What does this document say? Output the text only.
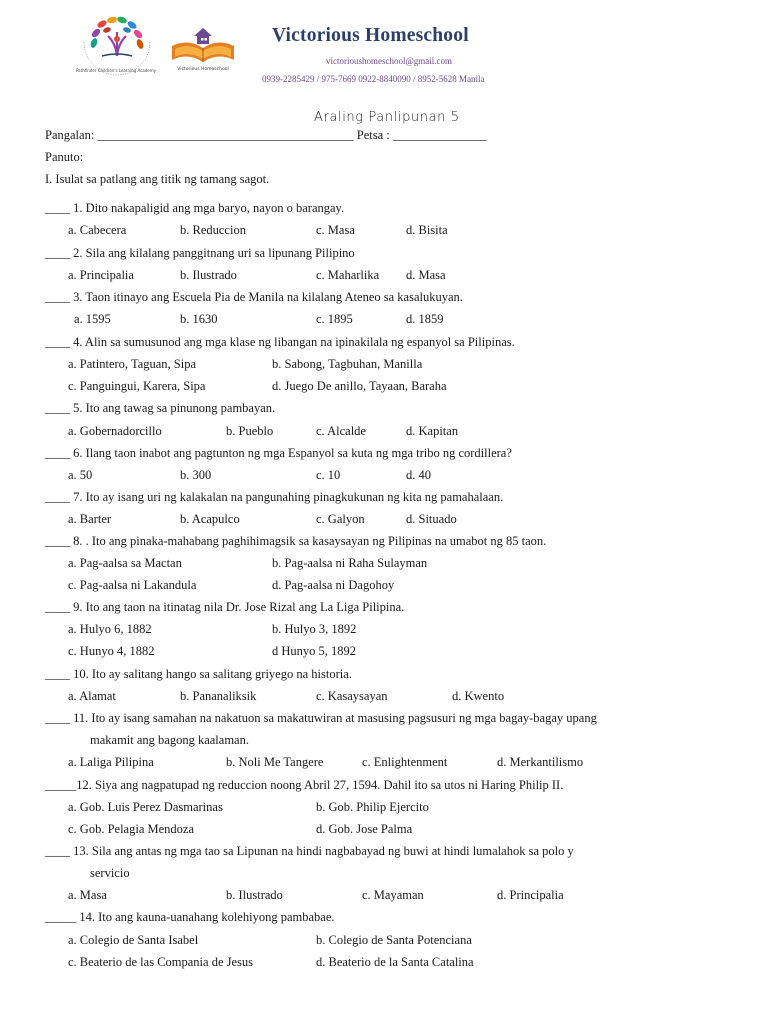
Pathfinder Children's Learning Academy	Victorious Homeschool
Victorious Homeschool
victorioushomeschool@gmail.com
0939-2285429 / 975-7669 0922-8840090 / 8952-5628 Manila
Araling Panlipunan 5
Pangalan: _________________________________________ Petsa : _______________
Panuto:
I. Isulat sa patlang ang titik ng tamang sagot.
____ 1. Dito nakapaligid ang mga baryo, nayon o barangay.
a. Cabecera	b. Reduccion	c. Masa	d. Bisita
____ 2. Sila ang kilalang panggitnang uri sa lipunang Pilipino
a. Principalia	b. Ilustrado	c. Maharlika d. Masa
____ 3. Taon itinayo ang Escuela Pia de Manila na kilalang Ateneo sa kasalukuyan.
a. 1595	b. 1630	c. 1895	d. 1859
____ 4. Alin sa sumusunod ang mga klase ng libangan na ipinakilala ng espanyol sa Pilipinas.
a. Patintero, Taguan, Sipa	b. Sabong, Tagbuhan, Manilla
c. Panguingui, Karera, Sipa	d. Juego De anillo, Tayaan, Baraha
____ 5. Ito ang tawag sa pinunong pambayan.
a. Gobernadorcillo	b. Pueblo	c. Alcalde	d. Kapitan
____ 6. Ilang taon inabot ang pagtunton ng mga Espanyol sa kuta ng mga tribo ng cordillera?
a. 50	b. 300	c. 10	d. 40
____ 7. Ito ay isang uri ng kalakalan na pangunahing pinagkukunan ng kita ng pamahalaan.
a. Barter	b. Acapulco	c. Galyon	d. Situado
____ 8. . Ito ang pinaka-mahabang paghihimagsik sa kasaysayan ng Pilipinas na umabot ng 85 taon.
a. Pag-aalsa sa Mactan	b. Pag-aalsa ni Raha Sulayman
c. Pag-aalsa ni Lakandula	d. Pag-aalsa ni Dagohoy
____ 9. Ito ang taon na itinatag nila Dr. Jose Rizal ang La Liga Pilipina.
a. Hulyo 6, 1882	b. Hulyo 3, 1892
c. Hunyo 4, 1882	d Hunyo 5, 1892
____ 10. Ito ay salitang hango sa salitang griyego na historia.
a. Alamat	b. Pananaliksik	c. Kasaysayan	d. Kwento
____ 11. Ito ay isang samahan na nakatuon sa makatuwiran at masusing pagsusuri ng mga bagay-bagay upang
makamit ang bagong kaalaman.
a. Laliga Pilipina	b. Noli Me Tangere	c. Enlightenment	d. Merkantilismo
_____12. Siya ang nagpatupad ng reduccion noong Abril 27, 1594. Dahil ito sa utos ni Haring Philip II.
a. Gob. Luis Perez Dasmarinas	b. Gob. Philip Ejercito
c. Gob. Pelagia Mendoza	d. Gob. Jose Palma
____ 13. Sila ang antas ng mga tao sa Lipunan na hindi nagbabayad ng buwi at hindi lumalahok sa polo y
servicio
a. Masa	b. Ilustrado	c. Mayaman	d. Principalia
_____ 14. Ito ang kauna-uanahang kolehiyong pambabae.
a. Colegio de Santa Isabel	b. Colegio de Santa Potenciana
c. Beaterio de las Compania de Jesus	d. Beaterio de la Santa Catalina
